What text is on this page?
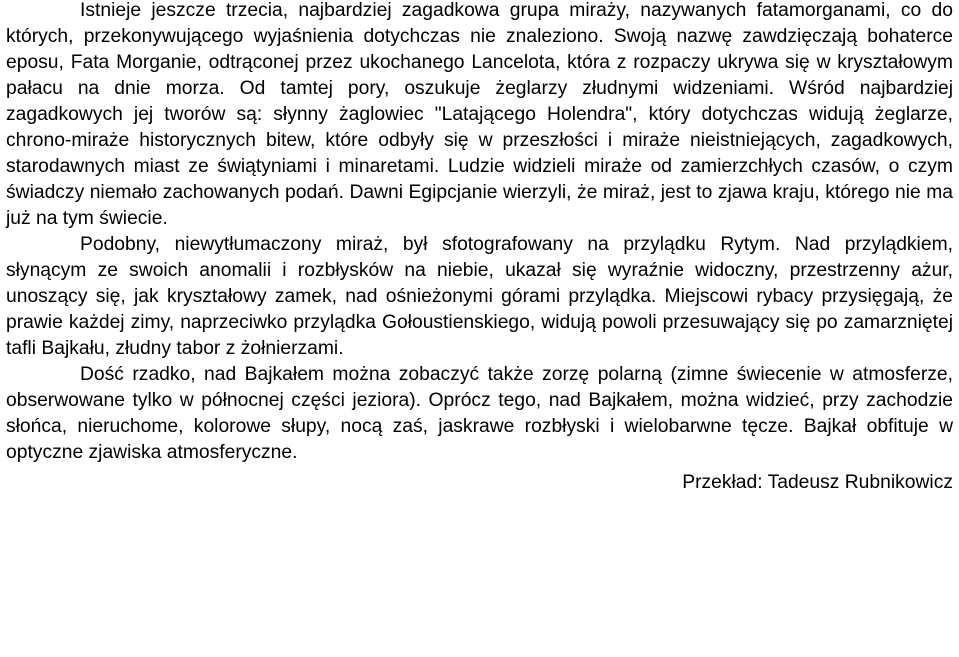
Istnieje jeszcze trzecia, najbardziej zagadkowa grupa miraży, nazywanych fatamorganami, co do których, przekonywującego wyjaśnienia dotychczas nie znaleziono. Swoją nazwę zawdzięczają bohaterce eposu, Fata Morganie, odtrąconej przez ukochanego Lancelota, która z rozpaczy ukrywa się w kryształowym pałacu na dnie morza. Od tamtej pory, oszukuje żeglarzy złudnymi widzeniami. Wśród najbardziej zagadkowych jej tworów są: słynny żaglowiec "Latającego Holendra", który dotychczas widują żeglarze, chrono-miraże historycznych bitew, które odbyły się w przeszłości i miraże nieistniejących, zagadkowych, starodawnych miast ze świątyniami i minaretami. Ludzie widzieli miraże od zamierzchłych czasów, o czym świadczy niemało zachowanych podań. Dawni Egipcjanie wierzyli, że miraż, jest to zjawa kraju, którego nie ma już na tym świecie.

Podobny, niewytłumaczony miraż, był sfotografowany na przylądku Rytym. Nad przylądkiem, słynącym ze swoich anomalii i rozbłysków na niebie, ukazał się wyraźnie widoczny, przestrzenny ażur, unoszący się, jak kryształowy zamek, nad ośnieżonymi górami przylądka. Miejscowi rybacy przysięgają, że prawie każdej zimy, naprzeciwko przylądka Gołoustienskiego, widują powoli przesuwający się po zamarzniętej tafli Bajkału, złudny tabor z żołnierzami.

Dość rzadko, nad Bajkałem można zobaczyć także zorzę polarną (zimne świecenie w atmosferze, obserwowane tylko w północnej części jeziora). Oprócz tego, nad Bajkałem, można widzieć, przy zachodzie słońca, nieruchome, kolorowe słupy, nocą zaś, jaskrawe rozbłyski i wielobarwne tęcze. Bajkał obfituje w optyczne zjawiska atmosferyczne.

Przekład: Tadeusz Rubnikowicz
